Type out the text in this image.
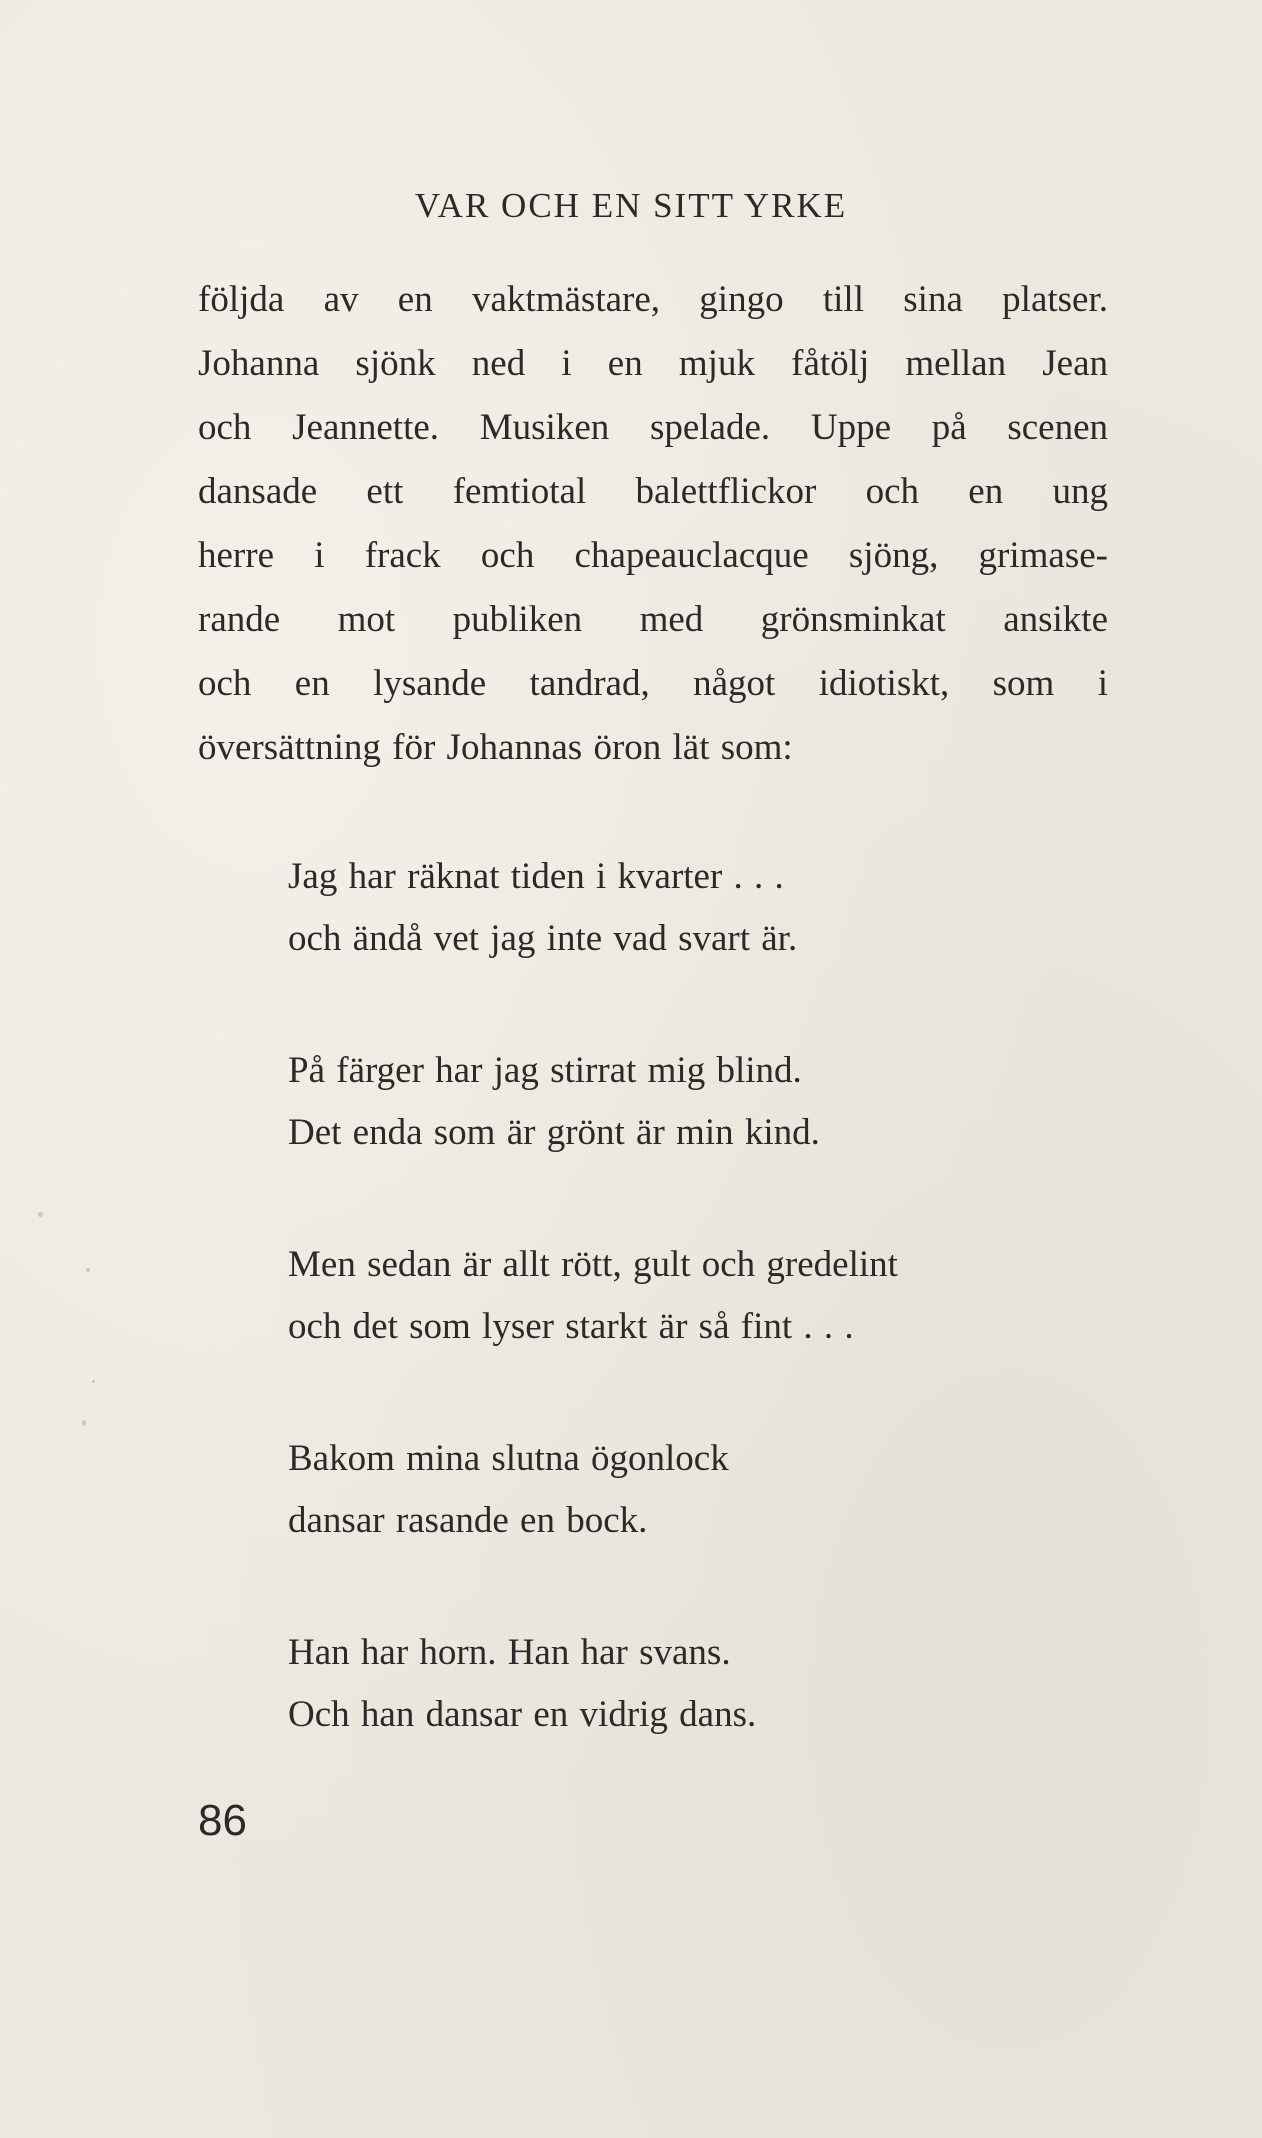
VAR OCH EN SITT YRKE
följda av en vaktmästare, gingo till sina platser.
Johanna sjönk ned i en mjuk fåtölj mellan Jean
och Jeannette. Musiken spelade. Uppe på scenen
dansade ett femtiotal balettflickor och en ung
herre i frack och chapeauclacque sjöng, grimase-
rande mot publiken med grönsminkat ansikte
och en lysande tandrad, något idiotiskt, som i
översättning för Johannas öron lät som:
Jag har räknat tiden i kvarter . . .
och ändå vet jag inte vad svart är.
På färger har jag stirrat mig blind.
Det enda som är grönt är min kind.
Men sedan är allt rött, gult och gredelint
och det som lyser starkt är så fint . . .
Bakom mina slutna ögonlock
dansar rasande en bock.
Han har horn. Han har svans.
Och han dansar en vidrig dans.
86
